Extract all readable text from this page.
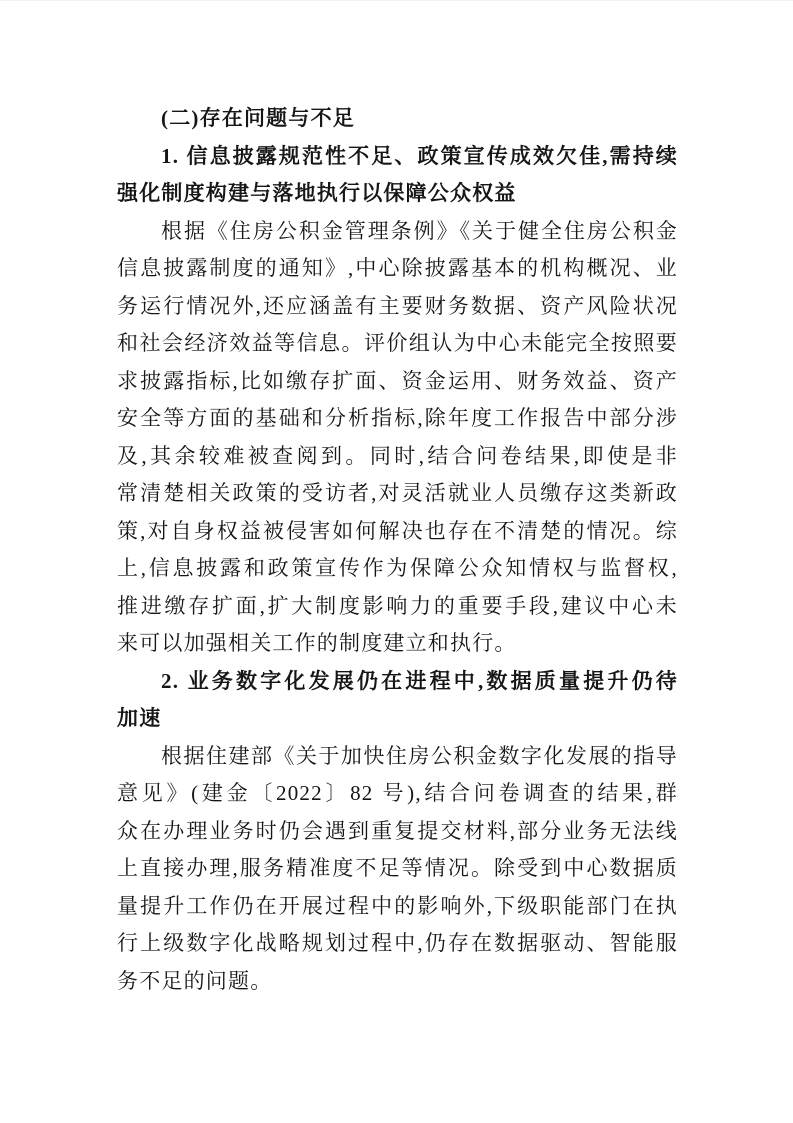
(二)存在问题与不足
1. 信息披露规范性不足、政策宣传成效欠佳,需持续
强化制度构建与落地执行以保障公众权益
根据《住房公积金管理条例》《关于健全住房公积金
信息披露制度的通知》,中心除披露基本的机构概况、业
务运行情况外,还应涵盖有主要财务数据、资产风险状况
和社会经济效益等信息。评价组认为中心未能完全按照要
求披露指标,比如缴存扩面、资金运用、财务效益、资产
安全等方面的基础和分析指标,除年度工作报告中部分涉
及,其余较难被查阅到。同时,结合问卷结果,即使是非
常清楚相关政策的受访者,对灵活就业人员缴存这类新政
策,对自身权益被侵害如何解决也存在不清楚的情况。综
上,信息披露和政策宣传作为保障公众知情权与监督权,
推进缴存扩面,扩大制度影响力的重要手段,建议中心未
来可以加强相关工作的制度建立和执行。
2. 业务数字化发展仍在进程中,数据质量提升仍待
加速
根据住建部《关于加快住房公积金数字化发展的指导
意见》(建金〔2022〕82 号),结合问卷调查的结果,群
众在办理业务时仍会遇到重复提交材料,部分业务无法线
上直接办理,服务精准度不足等情况。除受到中心数据质
量提升工作仍在开展过程中的影响外,下级职能部门在执
行上级数字化战略规划过程中,仍存在数据驱动、智能服
务不足的问题。
